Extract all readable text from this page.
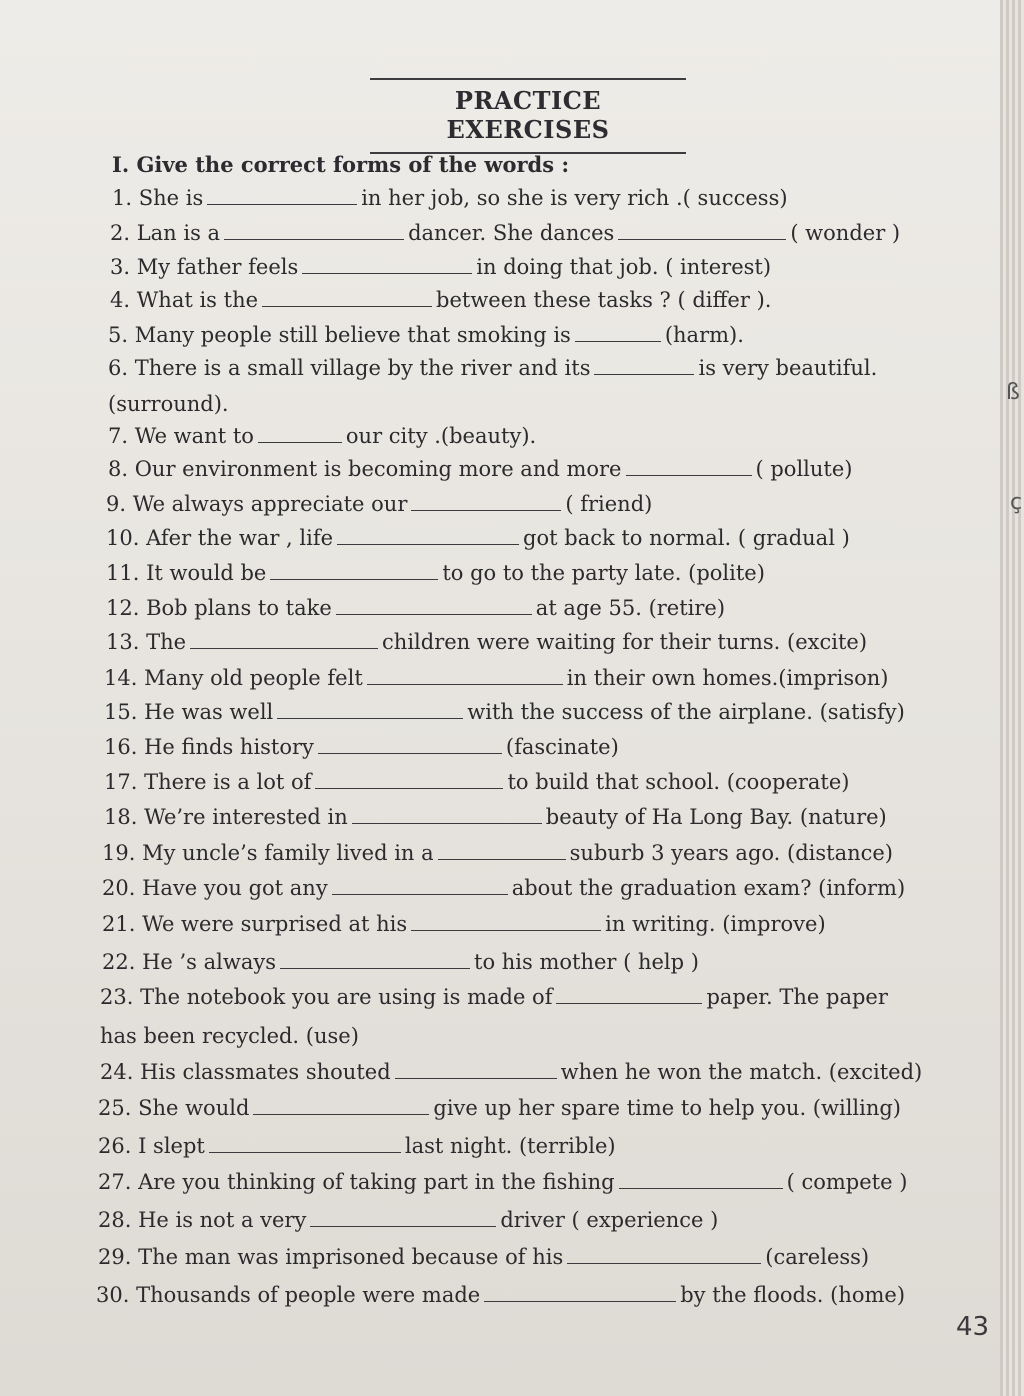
PRACTICE EXERCISES
I. Give the correct forms of the words :
1. She is	in her job, so she is very rich .( success)
2. Lan is a	dancer. She dances	( wonder )
3. My father feels	in doing that job. ( interest)
4. What is the	between these tasks ? ( differ ).
5. Many people still believe that smoking is	(harm).
6. There is a small village by the river and its	is very beautiful.
(surround).
7. We want to	our city .(beauty).
8. Our environment is becoming more and more	( pollute)
9. We always appreciate our	( friend)
10. Afer the war , life	got back to normal. ( gradual )
11. It would be	to go to the party late. (polite)
12. Bob plans to take	at age 55. (retire)
13. The	children were waiting for their turns. (excite)
14. Many old people felt	in their own homes.(imprison)
15. He was well	with the success of the airplane. (satisfy)
16. He finds history	(fascinate)
17. There is a lot of	to build that school. (cooperate)
18. We’re interested in	beauty of Ha Long Bay. (nature)
19. My uncle’s family lived in a	suburb 3 years ago. (distance)
20. Have you got any	about the graduation exam? (inform)
21. We were surprised at his	in writing. (improve)
22. He ’s always	to his mother ( help )
23. The notebook you are using is made of	paper. The paper
has been recycled. (use)
24. His classmates shouted	when he won the match. (excited)
25. She would	give up her spare time to help you. (willing)
26. I slept	last night. (terrible)
27. Are you thinking of taking part in the fishing	( compete )
28. He is not a very	driver ( experience )
29. The man was imprisoned because of his	(careless)
30. Thousands of people were made	by the floods. (home)
ß
ç
43
